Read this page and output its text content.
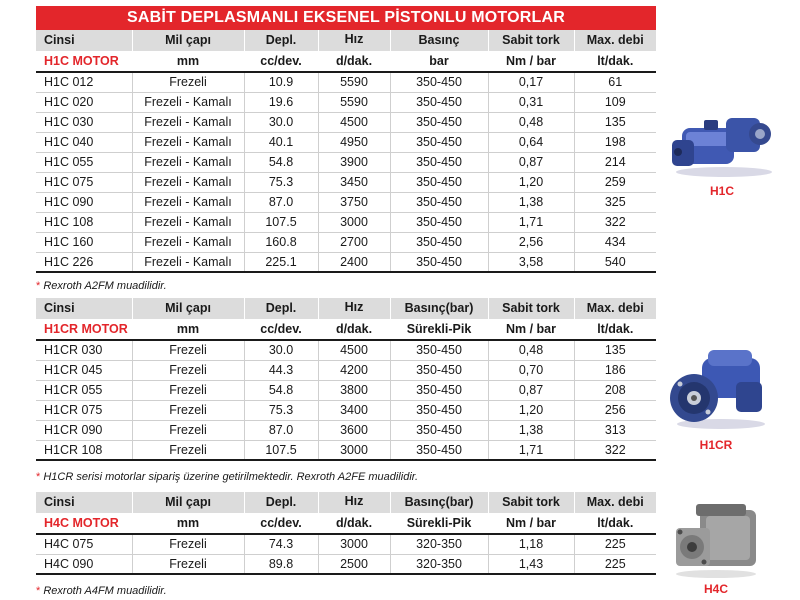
SABİT DEPLASMANLI EKSENEL PİSTONLU MOTORLAR
Cinsi	Mil çapı	Depl.	Hız	Basınç	Sabit tork	Max. debi
H1C MOTOR	mm	cc/dev.	d/dak.	bar	Nm / bar	lt/dak.
H1C 012	Frezeli	10.9	5590	350-450	0,17	61
H1C 020	Frezeli - Kamalı	19.6	5590	350-450	0,31	109
H1C 030	Frezeli - Kamalı	30.0	4500	350-450	0,48	135
H1C 040	Frezeli - Kamalı	40.1	4950	350-450	0,64	198
H1C 055	Frezeli - Kamalı	54.8	3900	350-450	0,87	214
H1C 075	Frezeli - Kamalı	75.3	3450	350-450	1,20	259
H1C 090	Frezeli - Kamalı	87.0	3750	350-450	1,38	325
H1C 108	Frezeli - Kamalı	107.5	3000	350-450	1,71	322
H1C 160	Frezeli - Kamalı	160.8	2700	350-450	2,56	434
H1C 226	Frezeli - Kamalı	225.1	2400	350-450	3,58	540
* Rexroth A2FM muadilidir.
Cinsi	Mil çapı	Depl.	Hız	Basınç(bar)	Sabit tork	Max. debi
H1CR MOTOR	mm	cc/dev.	d/dak.	Sürekli-Pik	Nm / bar	lt/dak.
H1CR 030	Frezeli	30.0	4500	350-450	0,48	135
H1CR 045	Frezeli	44.3	4200	350-450	0,70	186
H1CR 055	Frezeli	54.8	3800	350-450	0,87	208
H1CR 075	Frezeli	75.3	3400	350-450	1,20	256
H1CR 090	Frezeli	87.0	3600	350-450	1,38	313
H1CR 108	Frezeli	107.5	3000	350-450	1,71	322
* H1CR serisi motorlar sipariş üzerine getirilmektedir. Rexroth A2FE muadilidir.
Cinsi	Mil çapı	Depl.	Hız	Basınç(bar)	Sabit tork	Max. debi
H4C MOTOR	mm	cc/dev.	d/dak.	Sürekli-Pik	Nm / bar	lt/dak.
H4C 075	Frezeli	74.3	3000	320-350	1,18	225
H4C 090	Frezeli	89.8	2500	320-350	1,43	225
* Rexroth A4FM muadilidir.
H1C
H1CR
H4C
